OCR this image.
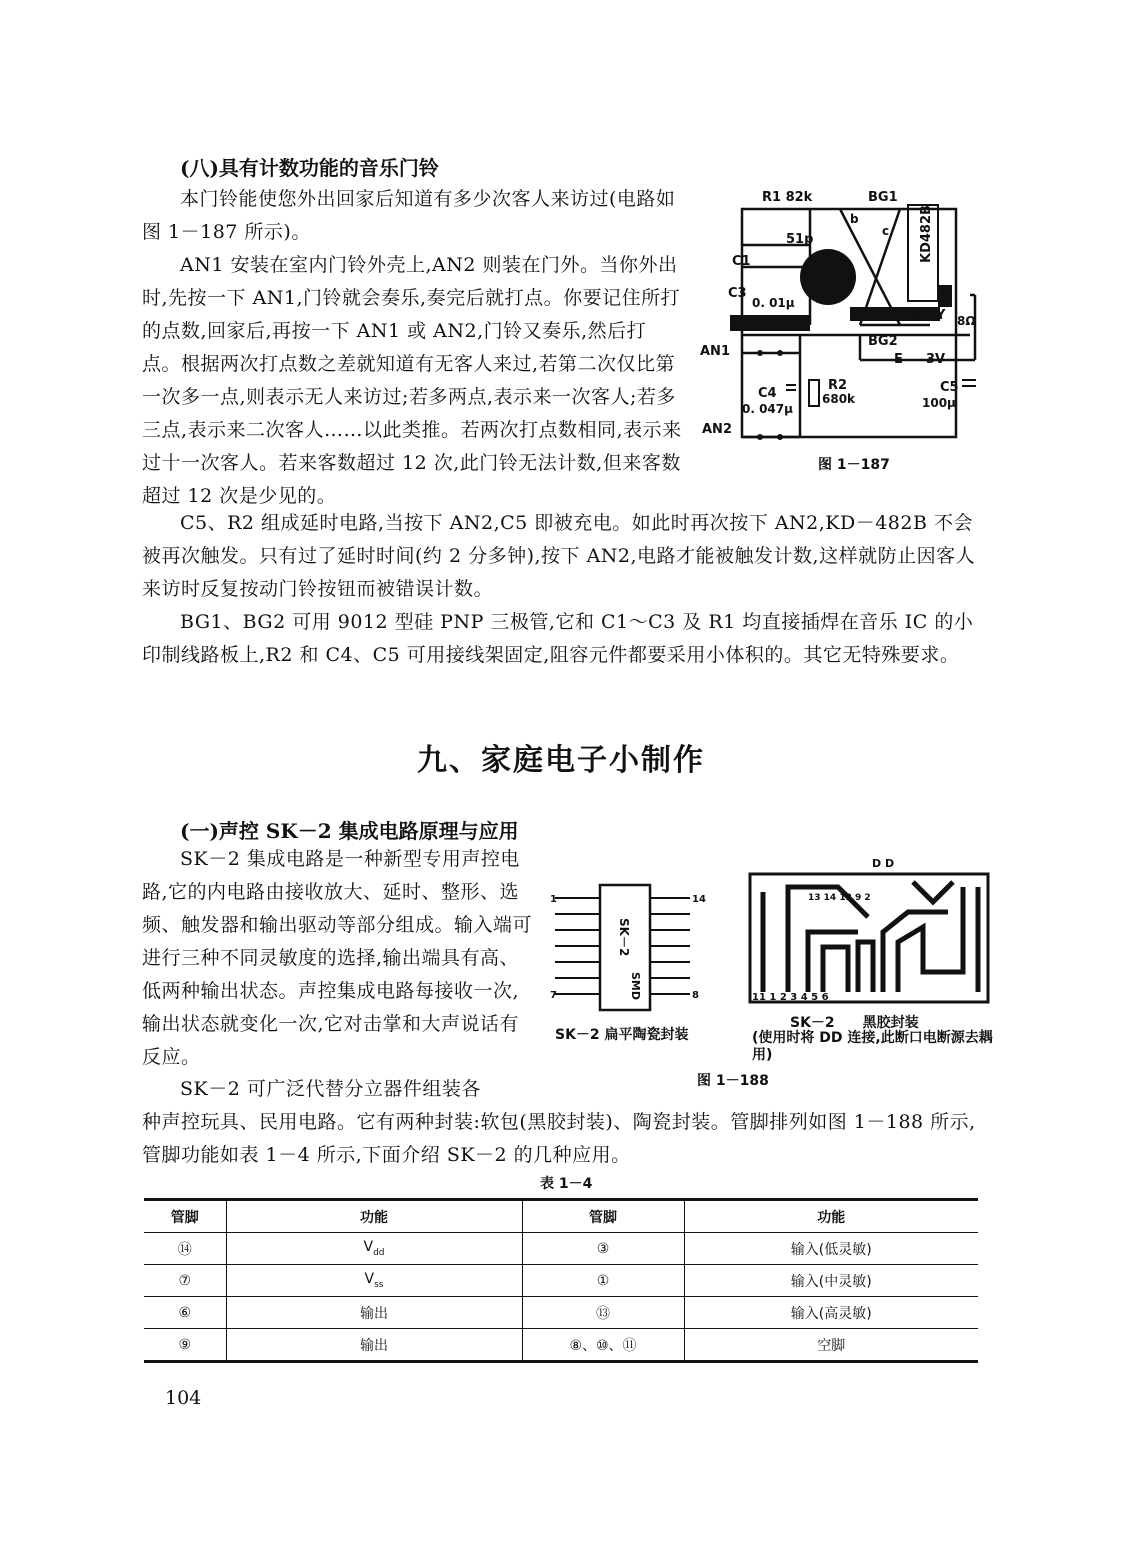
(八)具有计数功能的音乐门铃

本门铃能使您外出回家后知道有多少次客人来访过(电路如图 1－187 所示)。

AN1 安装在室内门铃外壳上,AN2 则装在门外。当你外出时,先按一下 AN1,门铃就会奏乐,奏完后就打点。你要记住所打的点数,回家后,再按一下 AN1 或 AN2,门铃又奏乐,然后打点。根据两次打点数之差就知道有无客人来过,若第二次仅比第一次多一点,则表示无人来访过;若多两点,表示来一次客人;若多三点,表示来二次客人……以此类推。若两次打点数相同,表示来过十一次客人。若来客数超过 12 次,此门铃无法计数,但来客数超过 12 次是少见的。

R1 82k	BG1
KD482B
C1
51p
C3
0. 01μ
AN1
AN2
BG2
E 3V
Y 8Ω
C4
0. 047μ
R2
680k
C5
100μ
b
c
e
图 1－187

C5、R2 组成延时电路,当按下 AN2,C5 即被充电。如此时再次按下 AN2,KD－482B 不会被再次触发。只有过了延时时间(约 2 分多钟),按下 AN2,电路才能被触发计数,这样就防止因客人来访时反复按动门铃按钮而被错误计数。

BG1、BG2 可用 9012 型硅 PNP 三极管,它和 C1～C3 及 R1 均直接插焊在音乐 IC 的小印制线路板上,R2 和 C4、C5 可用接线架固定,阻容元件都要采用小体积的。其它无特殊要求。

九、家庭电子小制作
(一)声控 SK－2 集成电路原理与应用

SK－2 集成电路是一种新型专用声控电路,它的内电路由接收放大、延时、整形、选频、触发器和输出驱动等部分组成。输入端可进行三种不同灵敏度的选择,输出端具有高、低两种输出状态。声控集成电路每接收一次,输出状态就变化一次,它对击掌和大声说话有反应。

1
7
14
8
SK－2
SMD
SK－2 扁平陶瓷封装
D D
11 1 2 3 4 5 6
13 14 12 9 2
SK－2　　黑胶封装
(使用时将 DD 连接,此断口电断源去耦用)
图 1－188

SK－2 可广泛代替分立器件组装各

种声控玩具、民用电路。它有两种封装:软包(黑胶封装)、陶瓷封装。管脚排列如图 1－188 所示,管脚功能如表 1－4 所示,下面介绍 SK－2 的几种应用。

表 1－4
管脚	功能	管脚	功能
⑭	$V_{dd}$	③	输入(低灵敏)
⑦	$V_{ss}$	①	输入(中灵敏)
⑥	输出	⑬	输入(高灵敏)
⑨	输出	⑧、⑩、⑪	空脚
104
